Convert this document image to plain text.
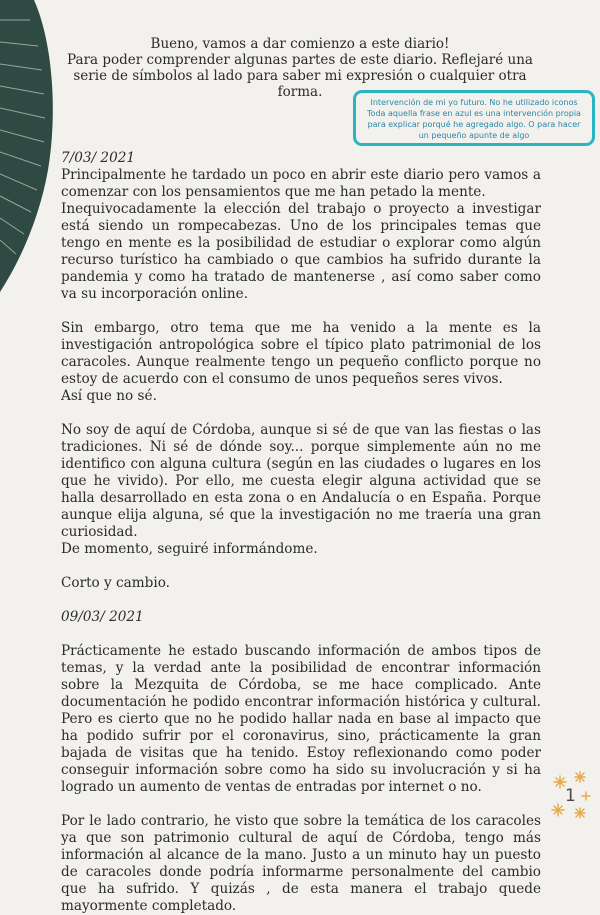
Bueno, vamos a dar comienzo a este diario!

Para poder comprender algunas partes de este diario. Reflejaré una serie de símbolos al lado para saber mi expresión o cualquier otra forma.

Intervención de mi yo futuro. No he utilizado iconos Toda aquella frase en azul es una intervención propia para explicar porqué he agregado algo. O para hacer un pequeño apunte de algo

7/03/ 2021

Principalmente he tardado un poco en abrir este diario pero vamos a comenzar con los pensamientos que me han petado la mente.

Inequivocadamente la elección del trabajo o proyecto a investigar está siendo un rompecabezas. Uno de los principales temas que tengo en mente es la posibilidad de estudiar o explorar como algún recurso turístico ha cambiado o que cambios ha sufrido durante la pandemia y como ha tratado de mantenerse , así como saber como va su incorporación online.

Sin embargo, otro tema que me ha venido a la mente es la investigación antropológica sobre el típico plato patrimonial de los caracoles. Aunque realmente tengo un pequeño conflicto porque no estoy de acuerdo con el consumo de unos pequeños seres vivos.

Así que no sé.

No soy de aquí de Córdoba, aunque si sé de que van las fiestas o las tradiciones. Ni sé de dónde soy... porque simplemente aún no me identifico con alguna cultura (según en las ciudades o lugares en los que he vivido). Por ello, me cuesta elegir alguna actividad que se halla desarrollado en esta zona o en Andalucía o en España. Porque aunque elija alguna, sé que la investigación no me traería una gran curiosidad.

De momento, seguiré informándome.

Corto y cambio.

09/03/ 2021

Prácticamente he estado buscando información de ambos tipos de temas, y la verdad ante la posibilidad de encontrar información sobre la Mezquita de Córdoba, se me hace complicado. Ante documentación he podido encontrar información histórica y cultural. Pero es cierto que no he podido hallar nada en base al impacto que ha podido sufrir por el coronavirus, sino, prácticamente la gran bajada de visitas que ha tenido. Estoy reflexionando como poder conseguir información sobre como ha sido su involucración y si ha logrado un aumento de ventas de entradas por internet o no.

Por le lado contrario, he visto que sobre la temática de los caracoles ya que son patrimonio cultural de aquí de Córdoba, tengo más información al alcance de la mano. Justo a un minuto hay un puesto de caracoles donde podría informarme personalmente del cambio que ha sufrido. Y quizás , de esta manera el trabajo quede mayormente completado.

1
